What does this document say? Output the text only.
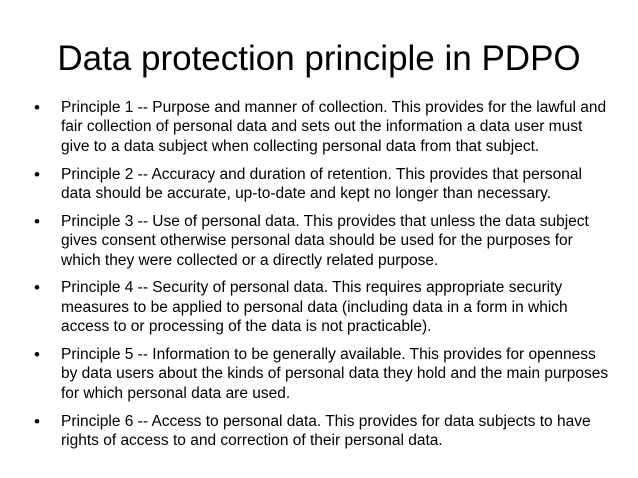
Data protection principle in PDPO
• Principle 1 -- Purpose and manner of collection. This provides for the lawful and fair collection of personal data and sets out the information a data user must give to a data subject when collecting personal data from that subject.
• Principle 2 -- Accuracy and duration of retention. This provides that personal data should be accurate, up-to-date and kept no longer than necessary.
• Principle 3 -- Use of personal data. This provides that unless the data subject gives consent otherwise personal data should be used for the purposes for which they were collected or a directly related purpose.
• Principle 4 -- Security of personal data. This requires appropriate security measures to be applied to personal data (including data in a form in which access to or processing of the data is not practicable).
• Principle 5 -- Information to be generally available. This provides for openness by data users about the kinds of personal data they hold and the main purposes for which personal data are used.
• Principle 6 -- Access to personal data. This provides for data subjects to have rights of access to and correction of their personal data.
